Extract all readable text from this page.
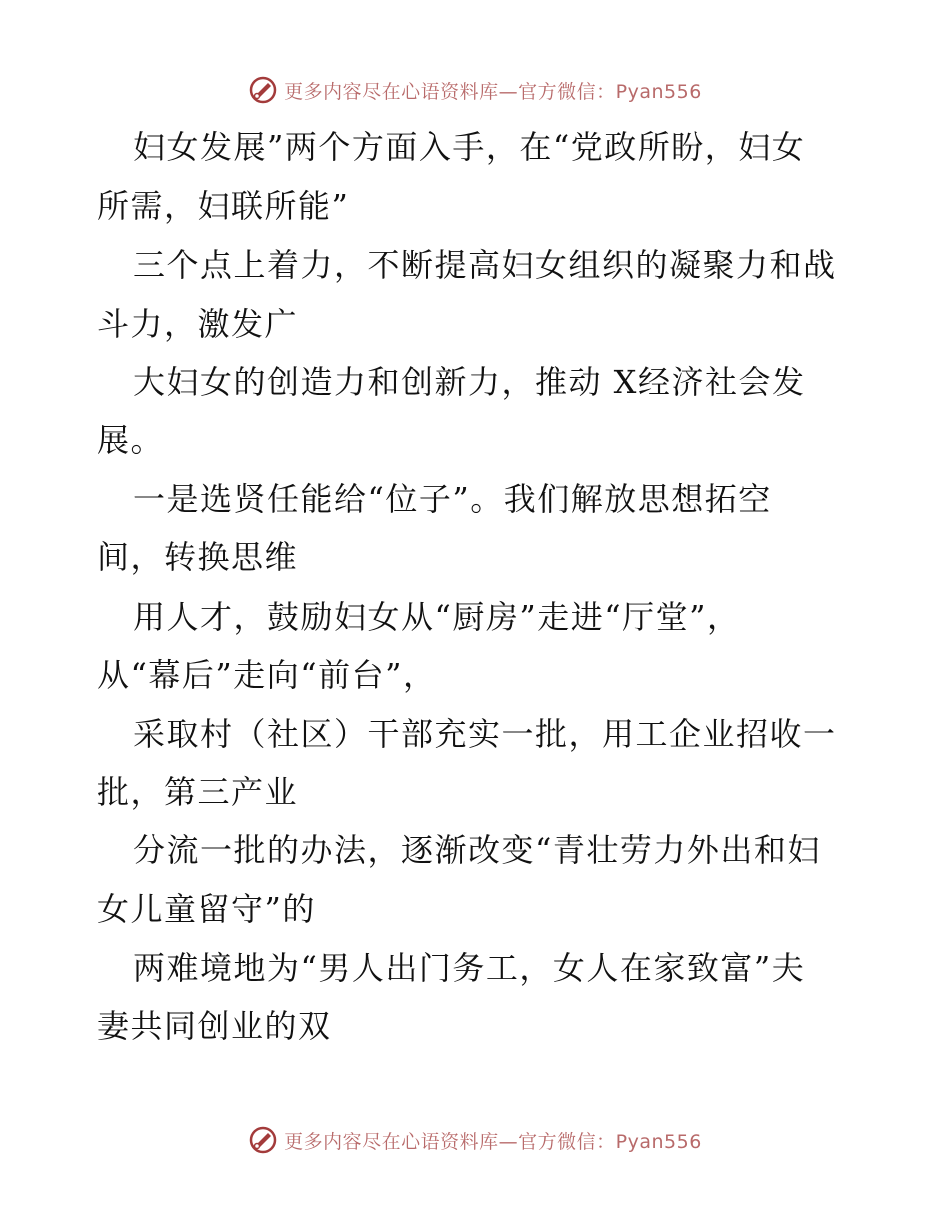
更多内容尽在心语资料库—官方微信：Pyan556
妇女发展”两个方面入手，在“党政所盼，妇女
所需，妇联所能”
三个点上着力，不断提高妇女组织的凝聚力和战
斗力，激发广
大妇女的创造力和创新力，推动 X经济社会发
展。
一是选贤任能给“位子”。我们解放思想拓空
间，转换思维
用人才，鼓励妇女从“厨房”走进“厅堂”，
从“幕后”走向“前台”，
采取村（社区）干部充实一批，用工企业招收一
批，第三产业
分流一批的办法，逐渐改变“青壮劳力外出和妇
女儿童留守”的
两难境地为“男人出门务工，女人在家致富”夫
妻共同创业的双
更多内容尽在心语资料库—官方微信：Pyan556
